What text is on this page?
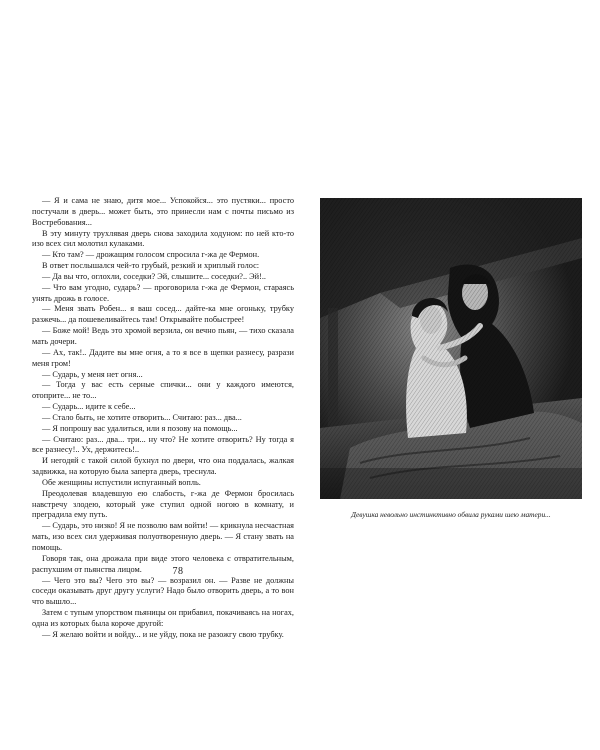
— Я и сама не знаю, дитя мое... Успокойся... это пустяки... просто постучали в дверь... может быть, это принесли нам с почты письмо из Востребования...

В эту минуту трухлявая дверь снова заходила ходуном: по ней кто-то изо всех сил молотил кулаками.

— Кто там? — дрожащим голосом спросила г-жа де Фермон.

В ответ послышался чей-то грубый, резкий и хриплый голос:

— Да вы что, оглохли, соседки? Эй, слышите... соседки?.. Эй!..

— Что вам угодно, сударь? — проговорила г-жа де Фермон, стараясь унять дрожь в голосе.

— Меня звать Робен... я ваш сосед... дайте-ка мне огоньку, трубку разжечь... да пошевеливайтесь там! Открывайте побыстрее!

— Боже мой! Ведь это хромой верзила, он вечно пьян, — тихо сказала мать дочери.

— Ах, так!.. Дадите вы мне огня, а то я все в щепки разнесу, разрази меня гром!

— Сударь, у меня нет огня...

— Тогда у вас есть серные спички... они у каждого имеются, отоприте... не то...

— Сударь... идите к себе...

— Стало быть, не хотите отворить... Считаю: раз... два...

— Я попрошу вас удалиться, или я позову на помощь...

— Считаю: раз... два... три... ну что? Не хотите отворить? Ну тогда я все разнесу!.. Ух, держитесь!..

И негодяй с такой силой бухнул по двери, что она поддалась, жалкая задвижка, на которую была заперта дверь, треснула.

Обе женщины испустили испуганный вопль.

Преодолевая владевшую ею слабость, г-жа де Фермон бросилась навстречу злодею, который уже ступил одной ногою в комнату, и преградила ему путь.

— Сударь, это низко! Я не позволю вам войти! — крикнула несчастная мать, изо всех сил удерживая полуотворенную дверь. — Я стану звать на помощь.

Говоря так, она дрожала при виде этого человека с отвратительным, распухшим от пьянства лицом.

— Чего это вы? Чего это вы? — возразил он. — Разве не должны соседи оказывать друг другу услуги? Надо было отворить дверь, а то вон что вышло...

Затем с тупым упорством пьяницы он прибавил, покачиваясь на ногах, одна из которых была короче другой:

— Я желаю войти и войду... и не уйду, пока не разожгу свою трубку.

78
Девушка невольно инстинктивно обвила руками шею матери...
